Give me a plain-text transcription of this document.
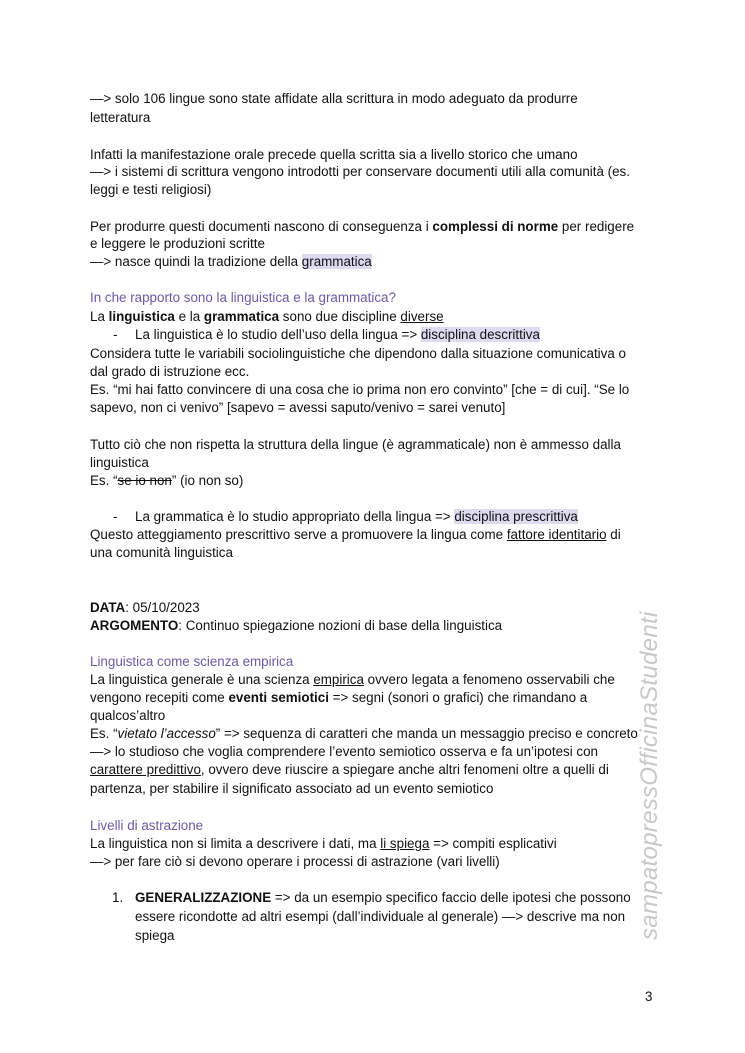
—> solo 106 lingue sono state affidate alla scrittura in modo adeguato da produrre
letteratura
Infatti la manifestazione orale precede quella scritta sia a livello storico che umano
—> i sistemi di scrittura vengono introdotti per conservare documenti utili alla comunità (es.
leggi e testi religiosi)
Per produrre questi documenti nascono di conseguenza i complessi di norme per redigere
e leggere le produzioni scritte
—> nasce quindi la tradizione della grammatica
In che rapporto sono la linguistica e la grammatica?
La linguistica e la grammatica sono due discipline diverse
- La linguistica è lo studio dell’uso della lingua => disciplina descrittiva
Considera tutte le variabili sociolinguistiche che dipendono dalla situazione comunicativa o
dal grado di istruzione ecc.
Es. “mi hai fatto convincere di una cosa che io prima non ero convinto” [che = di cui]. “Se lo
sapevo, non ci venivo” [sapevo = avessi saputo/venivo = sarei venuto]
Tutto ciò che non rispetta la struttura della lingue (è agrammaticale) non è ammesso dalla
linguistica
Es. “se io non” (io non so)
- La grammatica è lo studio appropriato della lingua => disciplina prescrittiva
Questo atteggiamento prescrittivo serve a promuovere la lingua come fattore identitario di
una comunità linguistica
DATA: 05/10/2023
ARGOMENTO: Continuo spiegazione nozioni di base della linguistica
Linguistica come scienza empirica
La linguistica generale è una scienza empirica ovvero legata a fenomeno osservabili che
vengono recepiti come eventi semiotici => segni (sonori o grafici) che rimandano a
qualcos’altro
Es. “vietato l’accesso” => sequenza di caratteri che manda un messaggio preciso e concreto
—> lo studioso che voglia comprendere l’evento semiotico osserva e fa un’ipotesi con
carattere predittivo, ovvero deve riuscire a spiegare anche altri fenomeni oltre a quelli di
partenza, per stabilire il significato associato ad un evento semiotico
Livelli di astrazione
La linguistica non si limita a descrivere i dati, ma li spiega => compiti esplicativi
—> per fare ciò si devono operare i processi di astrazione (vari livelli)
1. GENERALIZZAZIONE => da un esempio specifico faccio delle ipotesi che possono
essere ricondotte ad altri esempi (dall’individuale al generale) —> descrive ma non
spiega	sampatopressOfficinaStudenti
3
